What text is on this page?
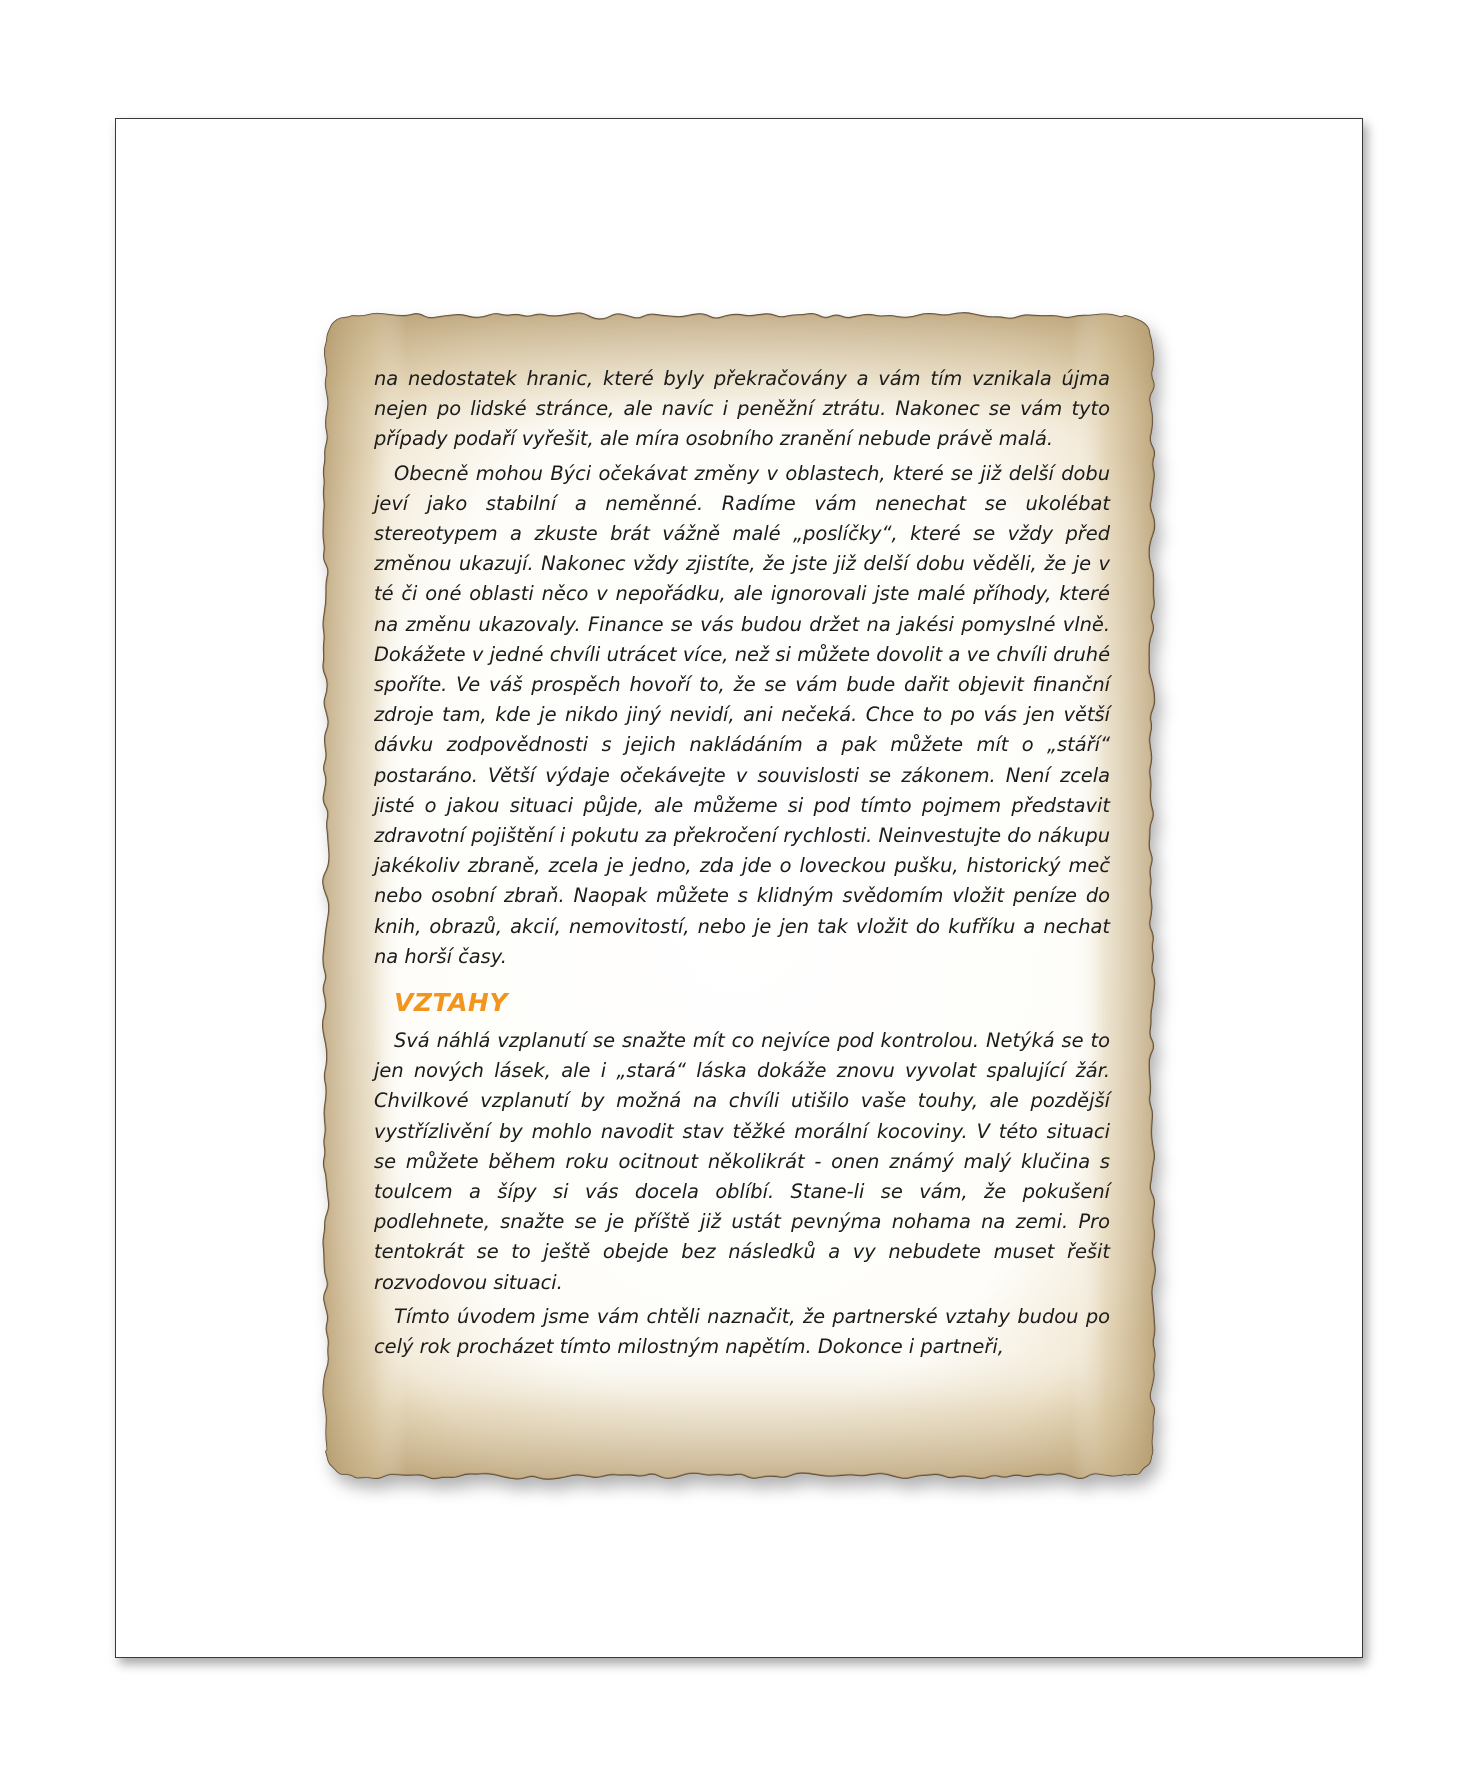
na nedostatek hranic, které byly překračovány a vám tím vznikala újma nejen po lidské stránce, ale navíc i peněžní ztrátu. Nakonec se vám tyto případy podaří vyřešit, ale míra osobního zranění nebude právě malá.

Obecně mohou Býci očekávat změny v oblastech, které se již delší dobu jeví jako stabilní a neměnné. Radíme vám nenechat se ukolébat stereotypem a zkuste brát vážně malé „poslíčky“, které se vždy před změnou ukazují. Nakonec vždy zjistíte, že jste již delší dobu věděli, že je v té či oné oblasti něco v nepořádku, ale ignorovali jste malé příhody, které na změnu ukazovaly. Finance se vás budou držet na jakési pomyslné vlně. Dokážete v jedné chvíli utrácet více, než si můžete dovolit a ve chvíli druhé spoříte. Ve váš prospěch hovoří to, že se vám bude dařit objevit finanční zdroje tam, kde je nikdo jiný nevidí, ani nečeká. Chce to po vás jen větší dávku zodpovědnosti s jejich nakládáním a pak můžete mít o „stáří“ postaráno. Větší výdaje očekávejte v souvislosti se zákonem. Není zcela jisté o jakou situaci půjde, ale můžeme si pod tímto pojmem představit zdravotní pojištění i pokutu za překročení rychlosti. Neinvestujte do nákupu jakékoliv zbraně, zcela je jedno, zda jde o loveckou pušku, historický meč nebo osobní zbraň. Naopak můžete s klidným svědomím vložit peníze do knih, obrazů, akcií, nemovitostí, nebo je jen tak vložit do kufříku a nechat na horší časy.

VZTAHY

Svá náhlá vzplanutí se snažte mít co nejvíce pod kontrolou. Netýká se to jen nových lásek, ale i „stará“ láska dokáže znovu vyvolat spalující žár. Chvilkové vzplanutí by možná na chvíli utišilo vaše touhy, ale pozdější vystřízlivění by mohlo navodit stav těžké morální kocoviny. V této situaci se můžete během roku ocitnout několikrát - onen známý malý klučina s toulcem a šípy si vás docela oblíbí. Stane-li se vám, že pokušení podlehnete, snažte se je příště již ustát pevnýma nohama na zemi. Pro tentokrát se to ještě obejde bez následků a vy nebudete muset řešit rozvodovou situaci.

Tímto úvodem jsme vám chtěli naznačit, že partnerské vztahy budou po celý rok procházet tímto milostným napětím. Dokonce i partneři,
